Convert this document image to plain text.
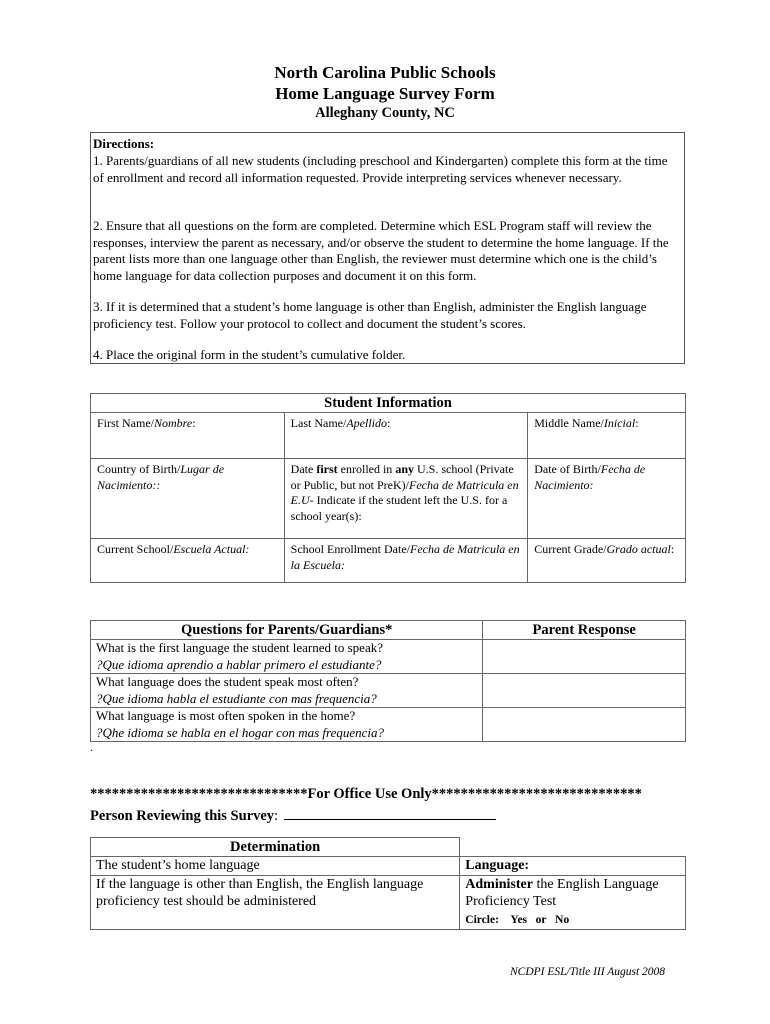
North Carolina Public Schools
Home Language Survey Form
Alleghany County, NC
Directions:
1. Parents/guardians of all new students (including preschool and Kindergarten) complete this form at the time of enrollment and record all information requested. Provide interpreting services whenever necessary.
2. Ensure that all questions on the form are completed. Determine which ESL Program staff will review the responses, interview the parent as necessary, and/or observe the student to determine the home language. If the parent lists more than one language other than English, the reviewer must determine which one is the child’s home language for data collection purposes and document it on this form.
3. If it is determined that a student’s home language is other than English, administer the English language proficiency test. Follow your protocol to collect and document the student’s scores.
4. Place the original form in the student’s cumulative folder.
Student Information		
First Name/Nombre:	Last Name/Apellido:	Middle Name/Inicial:
Country of Birth/Lugar de Nacimiento::	Date first enrolled in any U.S. school (Private or Public, but not PreK)/Fecha de Matricula en E.U- Indicate if the student left the U.S. for a school year(s):	Date of Birth/Fecha de Nacimiento:
Current School/Escuela Actual:	School Enrollment Date/Fecha de Matricula en la Escuela:	Current Grade/Grado actual:
Questions for Parents/Guardians*	Parent Response

What is the first language the student learned to speak?
?Que idioma aprendio a hablar primero el estudiante?	

What language does the student speak most often?
?Que idioma habla el estudiante con mas frequencia?	

What language is most often spoken in the home?
?Qhe idioma se habla en el hogar con mas frequencia?	

.
******************************For Office Use Only*****************************
Person Reviewing this Survey:
Determination	
The student’s home language	Language:
If the language is other than English, the English language proficiency test should be administered	Administer the English Language Proficiency Test
Circle: Yes or No
NCDPI ESL/Title III August 2008
